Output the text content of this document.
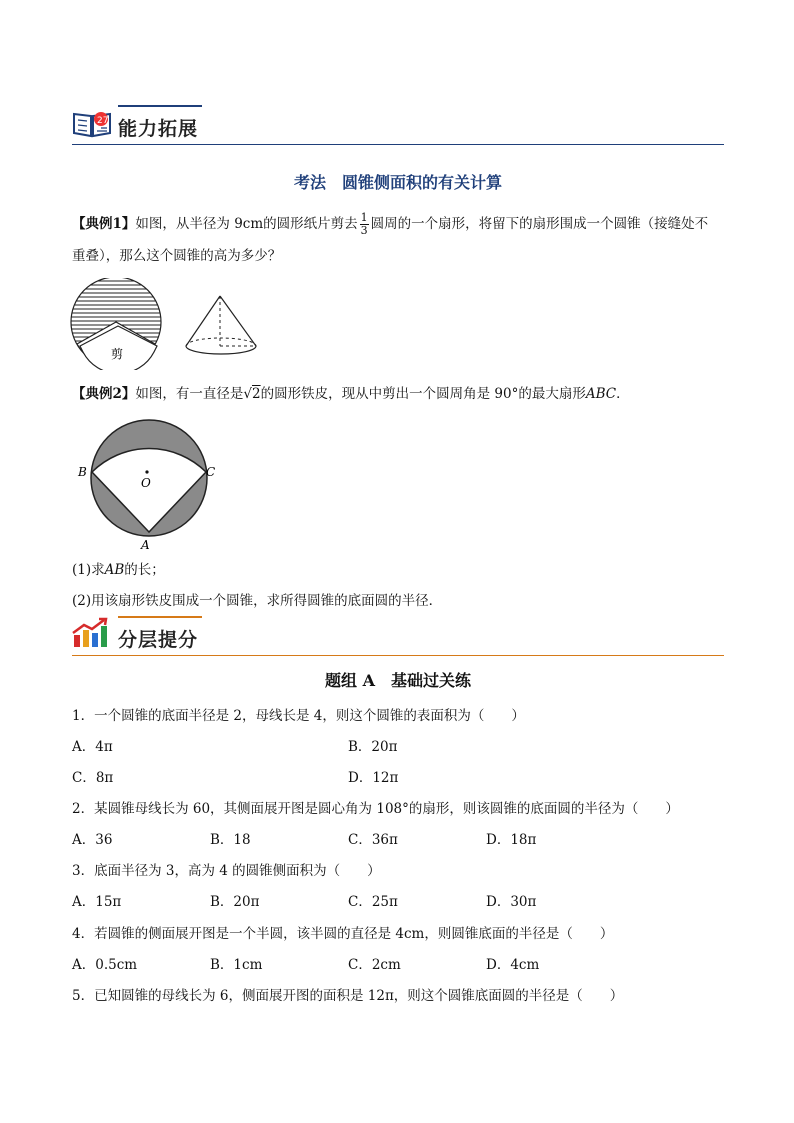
27 能力拓展
考法　圆锥侧面积的有关计算
【典例1】如图，从半径为 9cm的圆形纸片剪去 $\frac{1}{3}$ 圆周的一个扇形，将留下的扇形围成一个圆锥（接缝处不
重叠），那么这个圆锥的高为多少？
剪
【典例2】如图，有一直径是√2的圆形铁皮，现从中剪出一个圆周角是 90°的最大扇形ABC．
B	C
O
A
(1)求AB的长；
(2)用该扇形铁皮围成一个圆锥，求所得圆锥的底面圆的半径．
分层提分
题组 A　基础过关练
1．一个圆锥的底面半径是 2，母线长是 4，则这个圆锥的表面积为（　　）
A．4π	B．20π
C．8π	D．12π
2．某圆锥母线长为 60，其侧面展开图是圆心角为 108°的扇形，则该圆锥的底面圆的半径为（　　）
A．36	B．18	C．36π	D．18π
3．底面半径为 3，高为 4 的圆锥侧面积为（　　）
A．15π	B．20π	C．25π	D．30π
4．若圆锥的侧面展开图是一个半圆，该半圆的直径是 4cm，则圆锥底面的半径是（　　）
A．0.5cm	B．1cm	C．2cm	D．4cm
5．已知圆锥的母线长为 6，侧面展开图的面积是 12π，则这个圆锥底面圆的半径是（　　）
